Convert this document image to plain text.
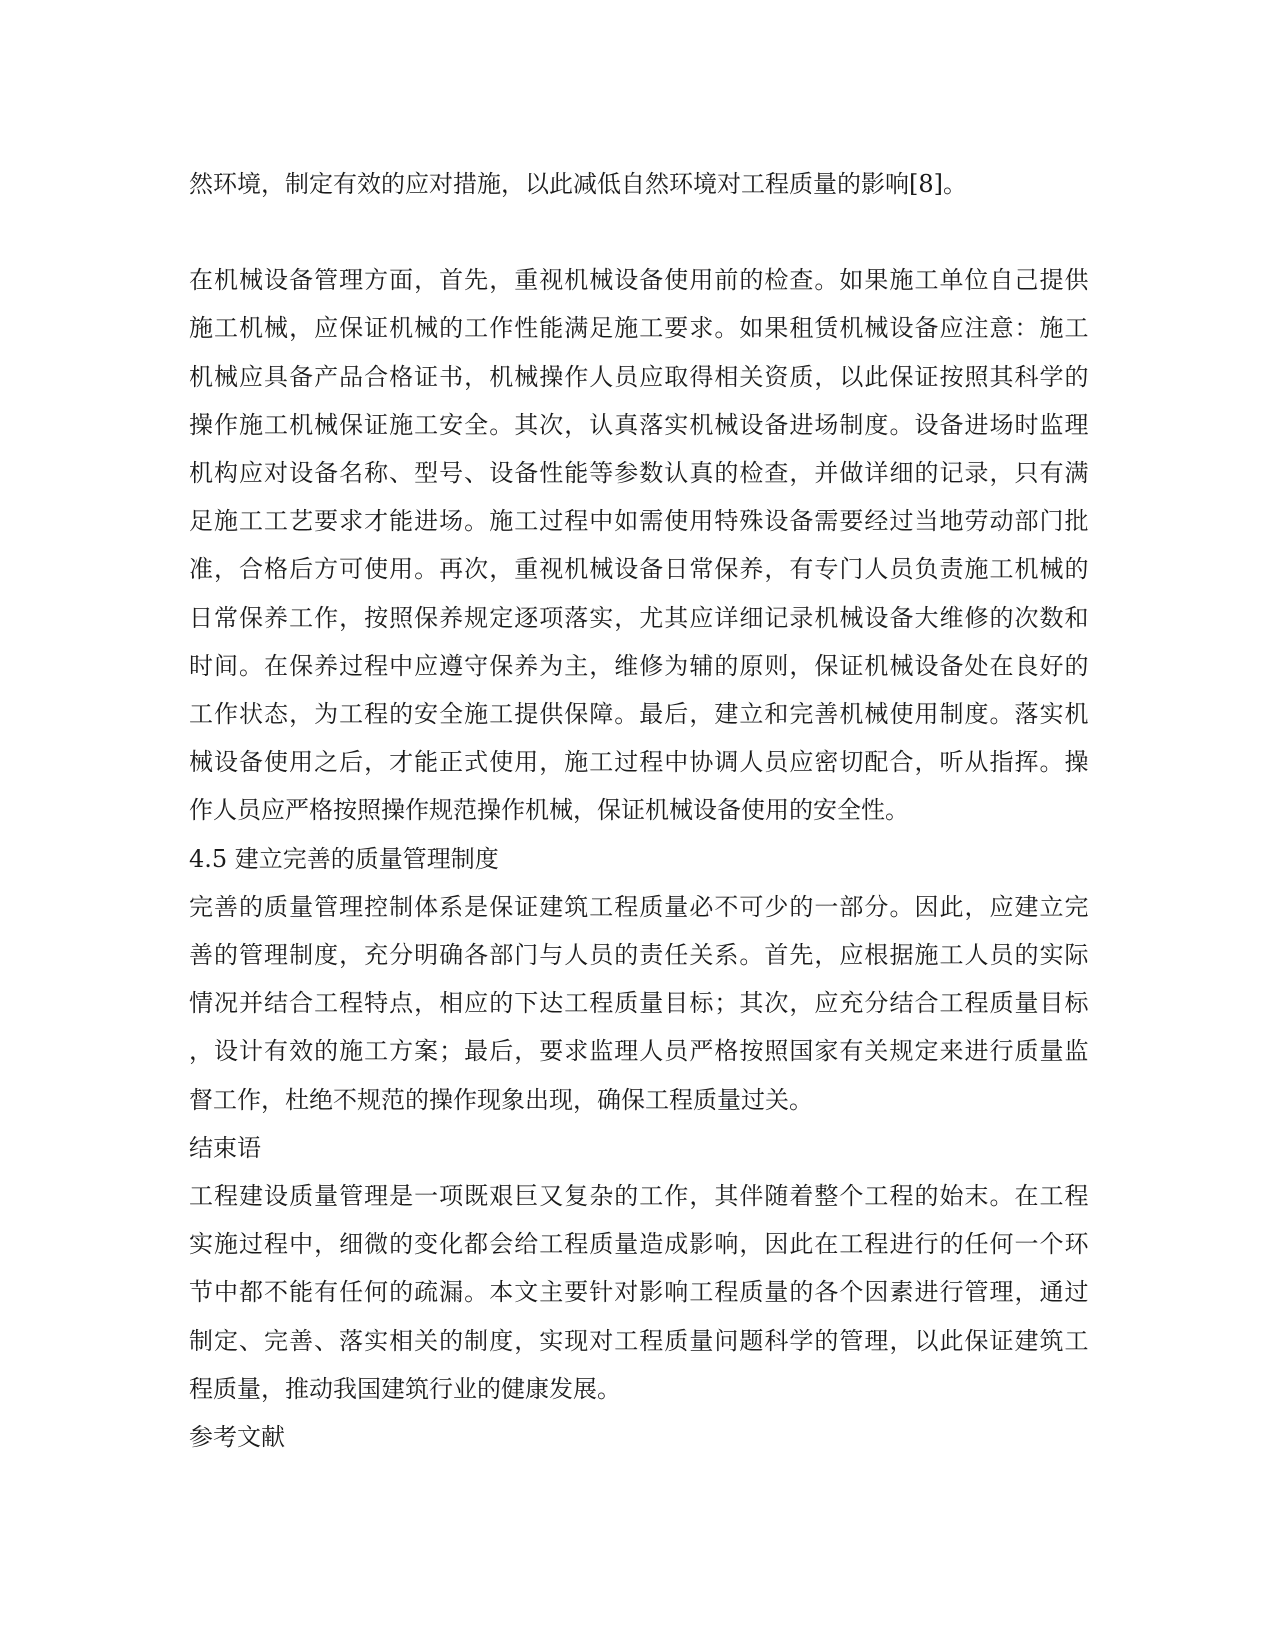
然环境，制定有效的应对措施，以此减低自然环境对工程质量的影响[8]。
在 机 械 设 备 管 理 方 面 ， 首 先 ， 重 视 机 械 设 备 使 用 前 的 检 查 。 如 果 施 工 单 位 自 己 提 供
施 工 机 械 ， 应 保 证 机 械 的 工 作 性 能 满 足 施 工 要 求 。 如 果 租 赁 机 械 设 备 应 注 意 ： 施 工
机 械 应 具 备 产 品 合 格 证 书 ， 机 械 操 作 人 员 应 取 得 相 关 资 质 ， 以 此 保 证 按 照 其 科 学 的
操 作 施 工 机 械 保 证 施 工 安 全 。 其 次 ， 认 真 落 实 机 械 设 备 进 场 制 度 。 设 备 进 场 时 监 理
机 构 应 对 设 备 名 称 、 型 号 、 设 备 性 能 等 参 数 认 真 的 检 查 ， 并 做 详 细 的 记 录 ， 只 有 满
足 施 工 工 艺 要 求 才 能 进 场 。 施 工 过 程 中 如 需 使 用 特 殊 设 备 需 要 经 过 当 地 劳 动 部 门 批
准 ， 合 格 后 方 可 使 用 。 再 次 ， 重 视 机 械 设 备 日 常 保 养 ， 有 专 门 人 员 负 责 施 工 机 械 的
日 常 保 养 工 作 ， 按 照 保 养 规 定 逐 项 落 实 ， 尤 其 应 详 细 记 录 机 械 设 备 大 维 修 的 次 数 和
时 间 。 在 保 养 过 程 中 应 遵 守 保 养 为 主 ， 维 修 为 辅 的 原 则 ， 保 证 机 械 设 备 处 在 良 好 的
工 作 状 态 ， 为 工 程 的 安 全 施 工 提 供 保 障 。 最 后 ， 建 立 和 完 善 机 械 使 用 制 度 。 落 实 机
械 设 备 使 用 之 后 ， 才 能 正 式 使 用 ， 施 工 过 程 中 协 调 人 员 应 密 切 配 合 ， 听 从 指 挥 。 操
作人员应严格按照操作规范操作机械，保证机械设备使用的安全性。
4.5 建立完善的质量管理制度
完 善 的 质 量 管 理 控 制 体 系 是 保 证 建 筑 工 程 质 量 必 不 可 少 的 一 部 分 。 因 此 ， 应 建 立 完
善 的 管 理 制 度 ， 充 分 明 确 各 部 门 与 人 员 的 责 任 关 系 。 首 先 ， 应 根 据 施 工 人 员 的 实 际
情 况 并 结 合 工 程 特 点 ， 相 应 的 下 达 工 程 质 量 目 标 ； 其 次 ， 应 充 分 结 合 工 程 质 量 目 标
， 设 计 有 效 的 施 工 方 案 ； 最 后 ， 要 求 监 理 人 员 严 格 按 照 国 家 有 关 规 定 来 进 行 质 量 监
督工作，杜绝不规范的操作现象出现，确保工程质量过关。
结束语
工 程 建 设 质 量 管 理 是 一 项 既 艰 巨 又 复 杂 的 工 作 ， 其 伴 随 着 整 个 工 程 的 始 末 。 在 工 程
实 施 过 程 中 ， 细 微 的 变 化 都 会 给 工 程 质 量 造 成 影 响 ， 因 此 在 工 程 进 行 的 任 何 一 个 环
节 中 都 不 能 有 任 何 的 疏 漏 。 本 文 主 要 针 对 影 响 工 程 质 量 的 各 个 因 素 进 行 管 理 ， 通 过
制 定 、 完 善 、 落 实 相 关 的 制 度 ， 实 现 对 工 程 质 量 问 题 科 学 的 管 理 ， 以 此 保 证 建 筑 工
程质量，推动我国建筑行业的健康发展。
参考文献
